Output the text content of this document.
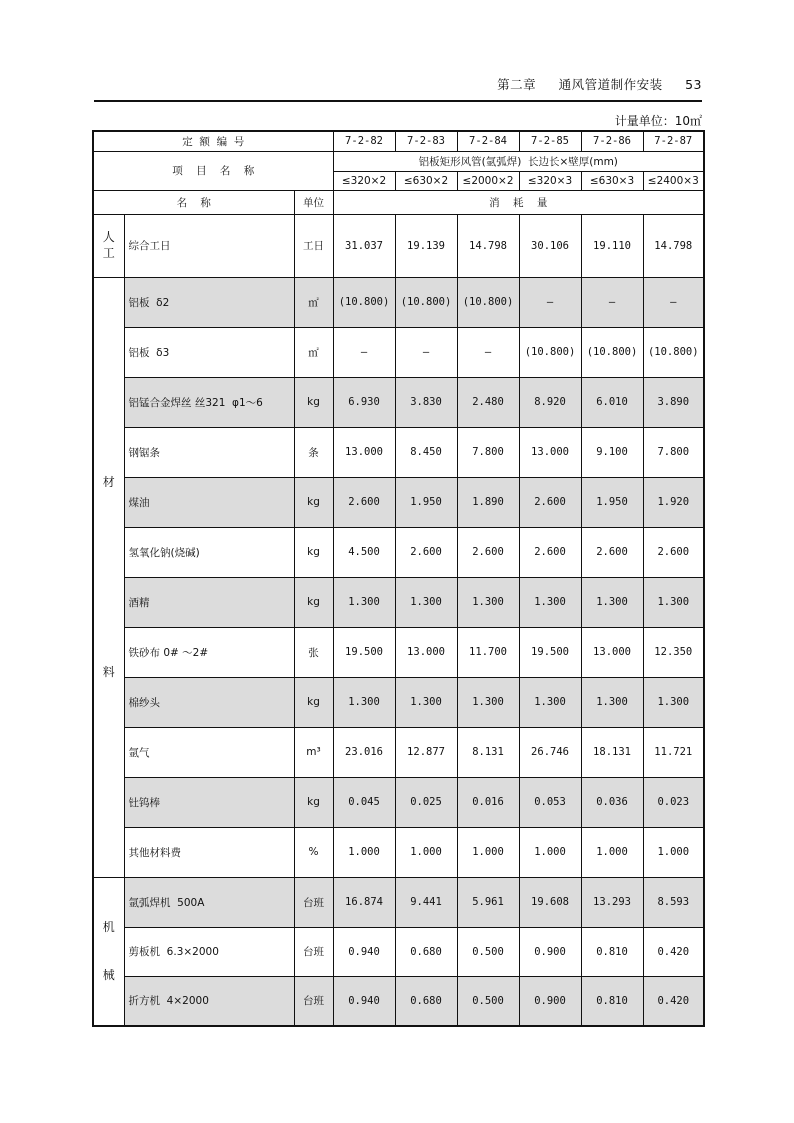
第二章 通风管道制作安装 53
计量单位：10㎡
定  额  编  号			7-2-82	7-2-83	7-2-84	7-2-85	7-2-86	7-2-87
项    目    名    称			铝板矩形风管(氩弧焊)  长边长×壁厚(mm)					
			≤320×2	≤630×2	≤2000×2	≤320×3	≤630×3	≤2400×3
名    称		单位	消    耗    量					
人工	综合工日	工日	31.037	19.139	14.798	30.106	19.110	14.798
材料	铝板  δ2	㎡	(10.800)	(10.800)	(10.800)	—	—	—
	铝板  δ3	㎡	—	—	—	(10.800)	(10.800)	(10.800)
	铝锰合金焊丝 丝321  φ1～6	kg	6.930	3.830	2.480	8.920	6.010	3.890
	钢锯条	条	13.000	8.450	7.800	13.000	9.100	7.800
	煤油	kg	2.600	1.950	1.890	2.600	1.950	1.920
	氢氧化钠(烧碱)	kg	4.500	2.600	2.600	2.600	2.600	2.600
	酒精	kg	1.300	1.300	1.300	1.300	1.300	1.300
	铁砂布 0# ～2#	张	19.500	13.000	11.700	19.500	13.000	12.350
	棉纱头	kg	1.300	1.300	1.300	1.300	1.300	1.300
	氩气	m³	23.016	12.877	8.131	26.746	18.131	11.721
	钍钨棒	kg	0.045	0.025	0.016	0.053	0.036	0.023
	其他材料费	%	1.000	1.000	1.000	1.000	1.000	1.000
机械	氩弧焊机  500A	台班	16.874	9.441	5.961	19.608	13.293	8.593
	剪板机  6.3×2000	台班	0.940	0.680	0.500	0.900	0.810	0.420
	折方机  4×2000	台班	0.940	0.680	0.500	0.900	0.810	0.420
